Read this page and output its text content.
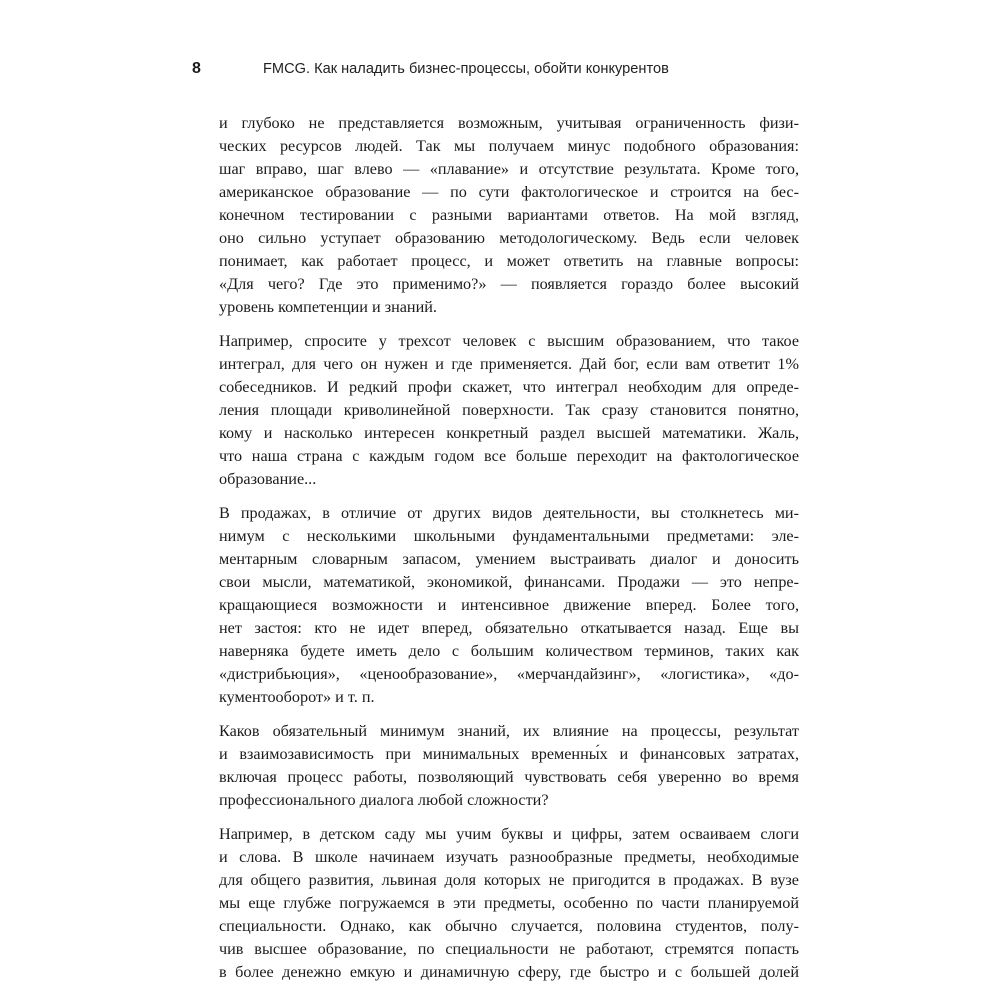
8	FMCG. Как наладить бизнес-процессы, обойти конкурентов
и глубоко не представляется возможным, учитывая ограниченность физи-
ческих ресурсов людей. Так мы получаем минус подобного образования:
шаг вправо, шаг влево — «плавание» и отсутствие результата. Кроме того,
американское образование — по сути фактологическое и строится на бес-
конечном тестировании с разными вариантами ответов. На мой взгляд,
оно сильно уступает образованию методологическому. Ведь если человек
понимает, как работает процесс, и может ответить на главные вопросы:
«Для чего? Где это применимо?» — появляется гораздо более высокий
уровень компетенции и знаний.
Например, спросите у трехсот человек с высшим образованием, что такое
интеграл, для чего он нужен и где применяется. Дай бог, если вам ответит 1%
собеседников. И редкий профи скажет, что интеграл необходим для опреде-
ления площади криволинейной поверхности. Так сразу становится понятно,
кому и насколько интересен конкретный раздел высшей математики. Жаль,
что наша страна с каждым годом все больше переходит на фактологическое
образование...
В продажах, в отличие от других видов деятельности, вы столкнетесь ми-
нимум с несколькими школьными фундаментальными предметами: эле-
ментарным словарным запасом, умением выстраивать диалог и доносить
свои мысли, математикой, экономикой, финансами. Продажи — это непре-
кращающиеся возможности и интенсивное движение вперед. Более того,
нет застоя: кто не идет вперед, обязательно откатывается назад. Еще вы
наверняка будете иметь дело с большим количеством терминов, таких как
«дистрибьюция», «ценообразование», «мерчандайзинг», «логистика», «до-
кументооборот» и т. п.
Каков обязательный минимум знаний, их влияние на процессы, результат
и взаимозависимость при минимальных временны́х и финансовых затратах,
включая процесс работы, позволяющий чувствовать себя уверенно во время
профессионального диалога любой сложности?
Например, в детском саду мы учим буквы и цифры, затем осваиваем слоги
и слова. В школе начинаем изучать разнообразные предметы, необходимые
для общего развития, львиная доля которых не пригодится в продажах. В вузе
мы еще глубже погружаемся в эти предметы, особенно по части планируемой
специальности. Однако, как обычно случается, половина студентов, полу-
чив высшее образование, по специальности не работают, стремятся попасть
в более денежно емкую и динамичную сферу, где быстро и с большей долей
